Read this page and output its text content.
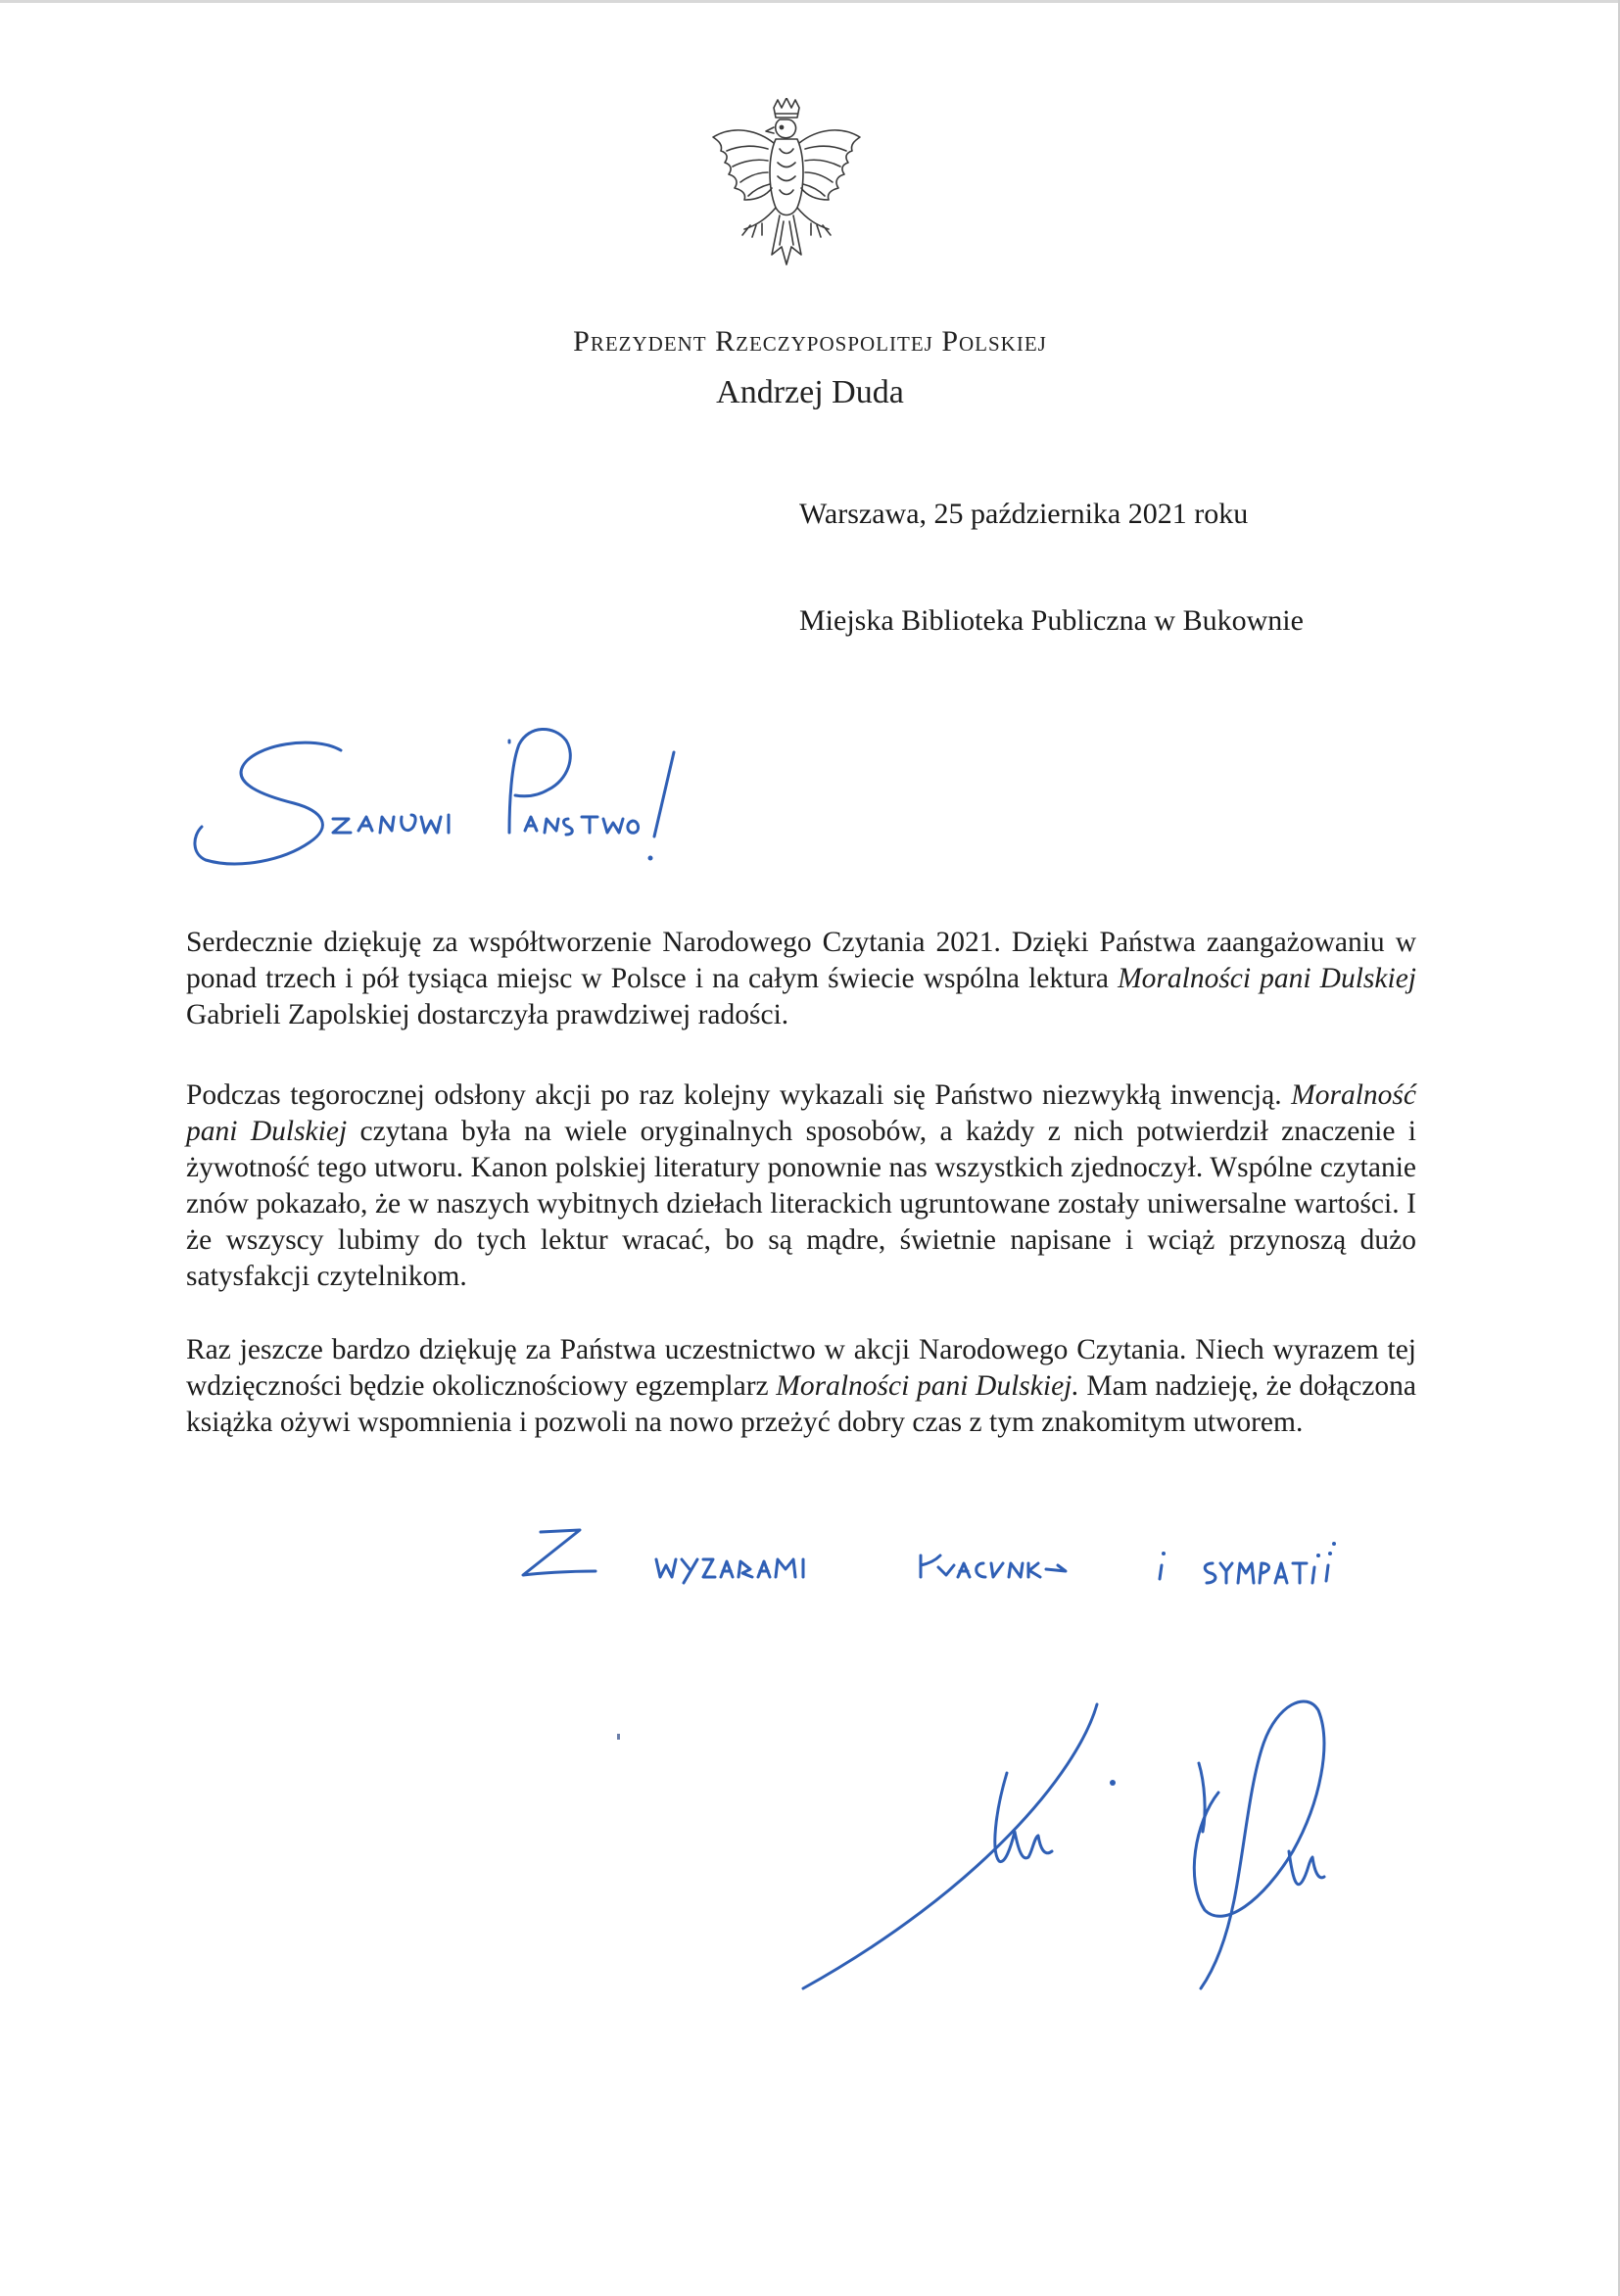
Prezydent Rzeczypospolitej Polskiej
Andrzej Duda
Warszawa, 25 października 2021 roku
Miejska Biblioteka Publiczna w Bukownie
Serdecznie dziękuję za współtworzenie Narodowego Czytania 2021. Dzięki Państwa zaangażowaniu w ponad trzech i pół tysiąca miejsc w Polsce i na całym świecie wspólna lektura Moralności pani Dulskiej Gabrieli Zapolskiej dostarczyła prawdziwej radości.
Podczas tegorocznej odsłony akcji po raz kolejny wykazali się Państwo niezwykłą inwencją. Moralność pani Dulskiej czytana była na wiele oryginalnych sposobów, a każdy z nich potwierdził znaczenie i żywotność tego utworu. Kanon polskiej literatury ponownie nas wszystkich zjednoczył. Wspólne czytanie znów pokazało, że w naszych wybitnych dziełach literackich ugruntowane zostały uniwersalne wartości. I że wszyscy lubimy do tych lektur wracać, bo są mądre, świetnie napisane i wciąż przynoszą dużo satysfakcji czytelnikom.
Raz jeszcze bardzo dziękuję za Państwa uczestnictwo w akcji Narodowego Czytania. Niech wyrazem tej wdzięczności będzie okolicznościowy egzemplarz Moralności pani Dulskiej. Mam nadzieję, że dołączona książka ożywi wspomnienia i pozwoli na nowo przeżyć dobry czas z tym znakomitym utworem.
